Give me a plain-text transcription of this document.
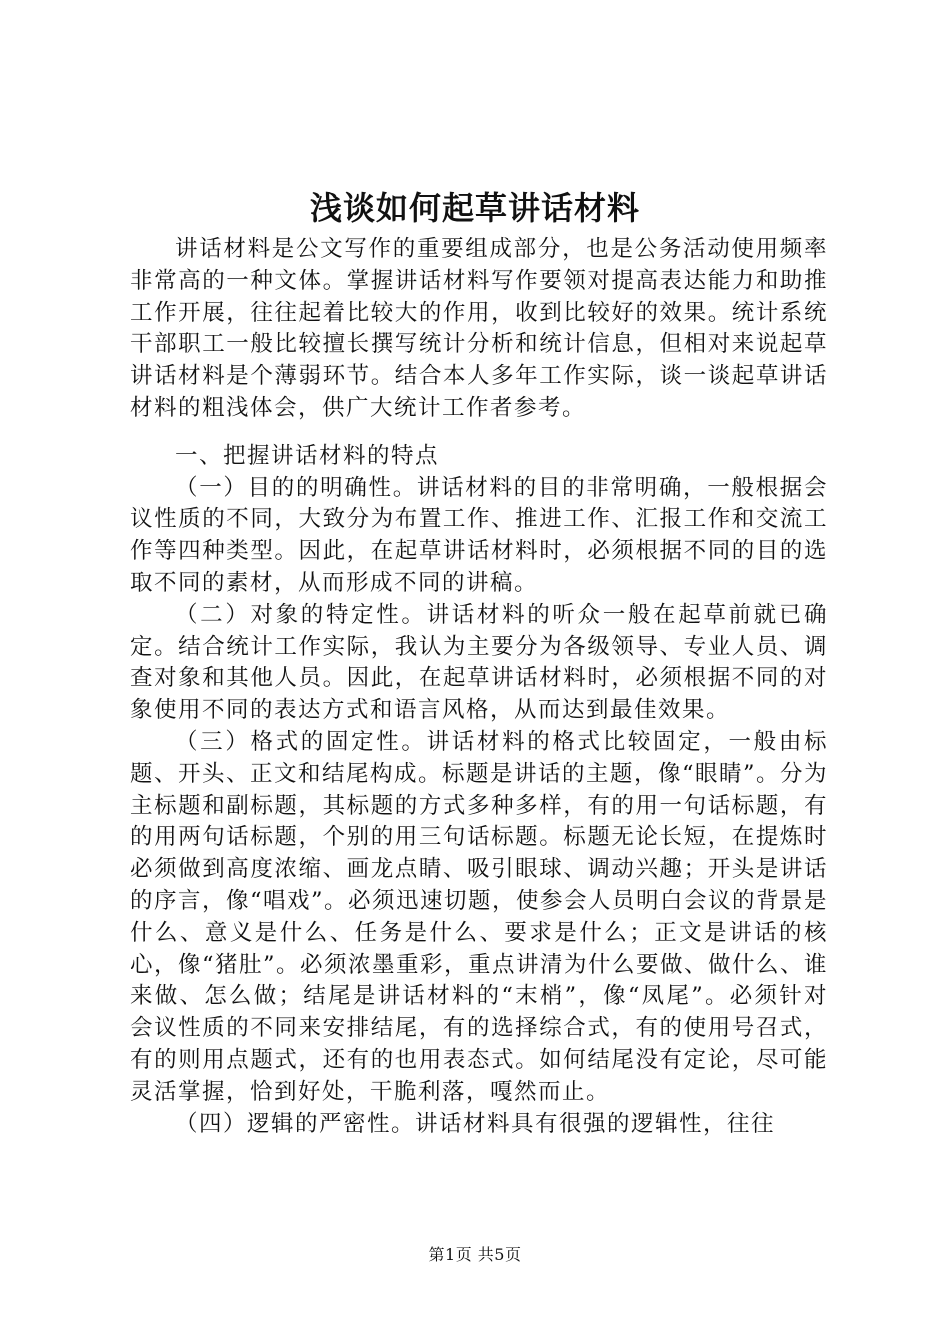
浅谈如何起草讲话材料

讲话材料是公文写作的重要组成部分，也是公务活动使用频率非常高的一种文体。掌握讲话材料写作要领对提高表达能力和助推工作开展，往往起着比较大的作用，收到比较好的效果。统计系统干部职工一般比较擅长撰写统计分析和统计信息，但相对来说起草讲话材料是个薄弱环节。结合本人多年工作实际，谈一谈起草讲话材料的粗浅体会，供广大统计工作者参考。

一、把握讲话材料的特点

（一）目的的明确性。讲话材料的目的非常明确，一般根据会议性质的不同，大致分为布置工作、推进工作、汇报工作和交流工作等四种类型。因此，在起草讲话材料时，必须根据不同的目的选取不同的素材，从而形成不同的讲稿。

（二）对象的特定性。讲话材料的听众一般在起草前就已确定。结合统计工作实际，我认为主要分为各级领导、专业人员、调查对象和其他人员。因此，在起草讲话材料时，必须根据不同的对象使用不同的表达方式和语言风格，从而达到最佳效果。

（三）格式的固定性。讲话材料的格式比较固定，一般由标题、开头、正文和结尾构成。标题是讲话的主题，像“眼睛”。分为主标题和副标题，其标题的方式多种多样，有的用一句话标题，有的用两句话标题，个别的用三句话标题。标题无论长短，在提炼时必须做到高度浓缩、画龙点睛、吸引眼球、调动兴趣；开头是讲话的序言，像“唱戏”。必须迅速切题，使参会人员明白会议的背景是什么、意义是什么、任务是什么、要求是什么；正文是讲话的核心，像“猪肚”。必须浓墨重彩，重点讲清为什么要做、做什么、谁来做、怎么做；结尾是讲话材料的“末梢”，像“凤尾”。必须针对会议性质的不同来安排结尾，有的选择综合式，有的使用号召式，有的则用点题式，还有的也用表态式。如何结尾没有定论，尽可能灵活掌握，恰到好处，干脆利落，嘎然而止。

（四）逻辑的严密性。讲话材料具有很强的逻辑性，往往

第1页 共5页
